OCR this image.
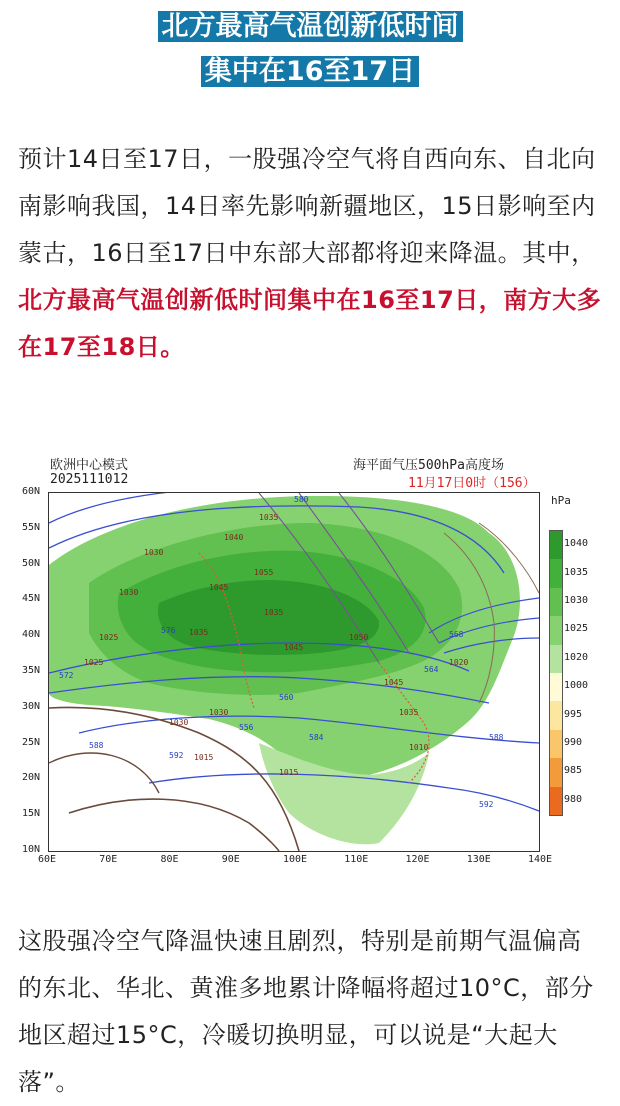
北方最高气温创新低时间
集中在16至17日

预计14日至17日，一股强冷空气将自西向东、自北向南影响我国，14日率先影响新疆地区，15日影响至内蒙古，16日至17日中东部大部都将迎来降温。其中，北方最高气温创新低时间集中在16至17日，南方大多在17至18日。

欧洲中心模式
2025111012
海平面气压500hPa高度场
11月17日0时（156）
hPa
60N
55N
50N
45N
40N
35N
30N
25N
20N
15N
10N
60E	70E	80E	90E	100E	110E	120E	130E	140E
1035
1030
1055
1040
1045
1030
1035
1025
1025	1020
1035
1045
1050
1045
1035
1030
1030
1015
1015
1010
580
576	568
564
556
560
572
584
588
588
592
592
1040
1035
1030
1025
1020
1000
995
990
985
980

这股强冷空气降温快速且剧烈，特别是前期气温偏高的东北、华北、黄淮多地累计降幅将超过10°C，部分地区超过15°C，冷暖切换明显，可以说是“大起大落”。
